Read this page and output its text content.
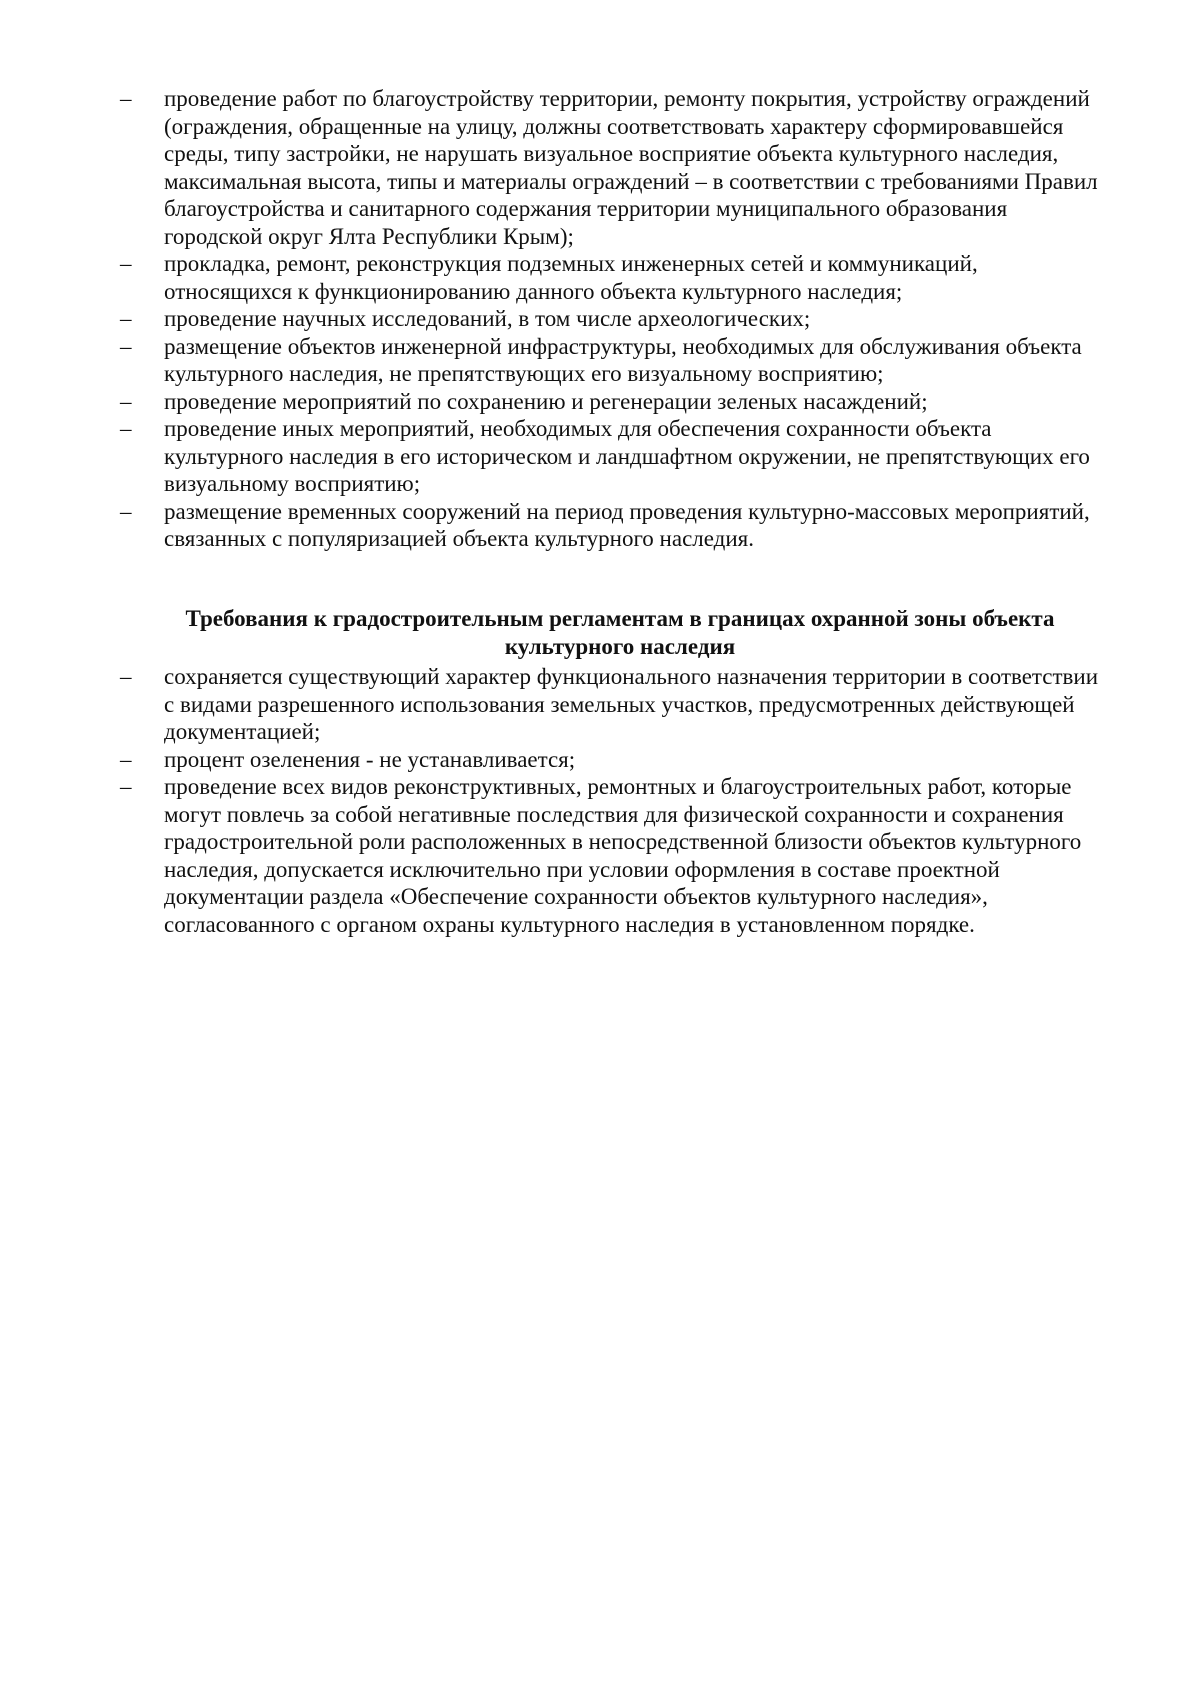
– проведение работ по благоустройству территории, ремонту покрытия, устройству ограждений (ограждения, обращенные на улицу, должны соответствовать характеру сформировавшейся среды, типу застройки, не нарушать визуальное восприятие объекта культурного наследия, максимальная высота, типы и материалы ограждений – в соответствии с требованиями Правил благоустройства и санитарного содержания территории муниципального образования городской округ Ялта Республики Крым);
– прокладка, ремонт, реконструкция подземных инженерных сетей и коммуникаций, относящихся к функционированию данного объекта культурного наследия;
– проведение научных исследований, в том числе археологических;
– размещение объектов инженерной инфраструктуры, необходимых для обслуживания объекта культурного наследия, не препятствующих его визуальному восприятию;
– проведение мероприятий по сохранению и регенерации зеленых насаждений;
– проведение иных мероприятий, необходимых для обеспечения сохранности объекта культурного наследия в его историческом и ландшафтном окружении, не препятствующих его визуальному восприятию;
– размещение временных сооружений на период проведения культурно-массовых мероприятий, связанных с популяризацией объекта культурного наследия.
Требования к градостроительным регламентам в границах охранной зоны объекта культурного наследия
– сохраняется существующий характер функционального назначения территории в соответствии с видами разрешенного использования земельных участков, предусмотренных действующей документацией;
– процент озеленения - не устанавливается;
– проведение всех видов реконструктивных, ремонтных и благоустроительных работ, которые могут повлечь за собой негативные последствия для физической сохранности и сохранения градостроительной роли расположенных в непосредственной близости объектов культурного наследия, допускается исключительно при условии оформления в составе проектной документации раздела «Обеспечение сохранности объектов культурного наследия», согласованного с органом охраны культурного наследия в установленном порядке.
